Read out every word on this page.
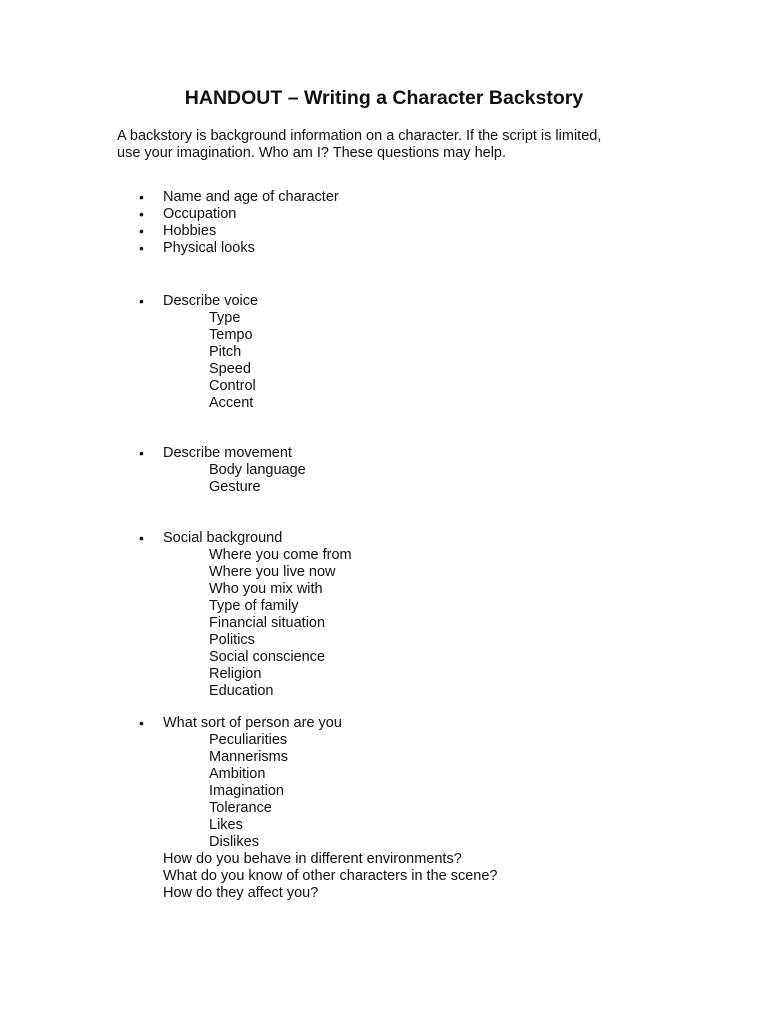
HANDOUT – Writing a Character Backstory

A backstory is background information on a character. If the script is limited,
use your imagination. Who am I? These questions may help.

• Name and age of character
• Occupation
• Hobbies
• Physical looks
• Describe voice
Type
Tempo
Pitch
Speed
Control
Accent
• Describe movement
Body language
Gesture
• Social background
Where you come from
Where you live now
Who you mix with
Type of family
Financial situation
Politics
Social conscience
Religion
Education
• What sort of person are you
Peculiarities
Mannerisms
Ambition
Imagination
Tolerance
Likes
Dislikes
How do you behave in different environments?
What do you know of other characters in the scene?
How do they affect you?
